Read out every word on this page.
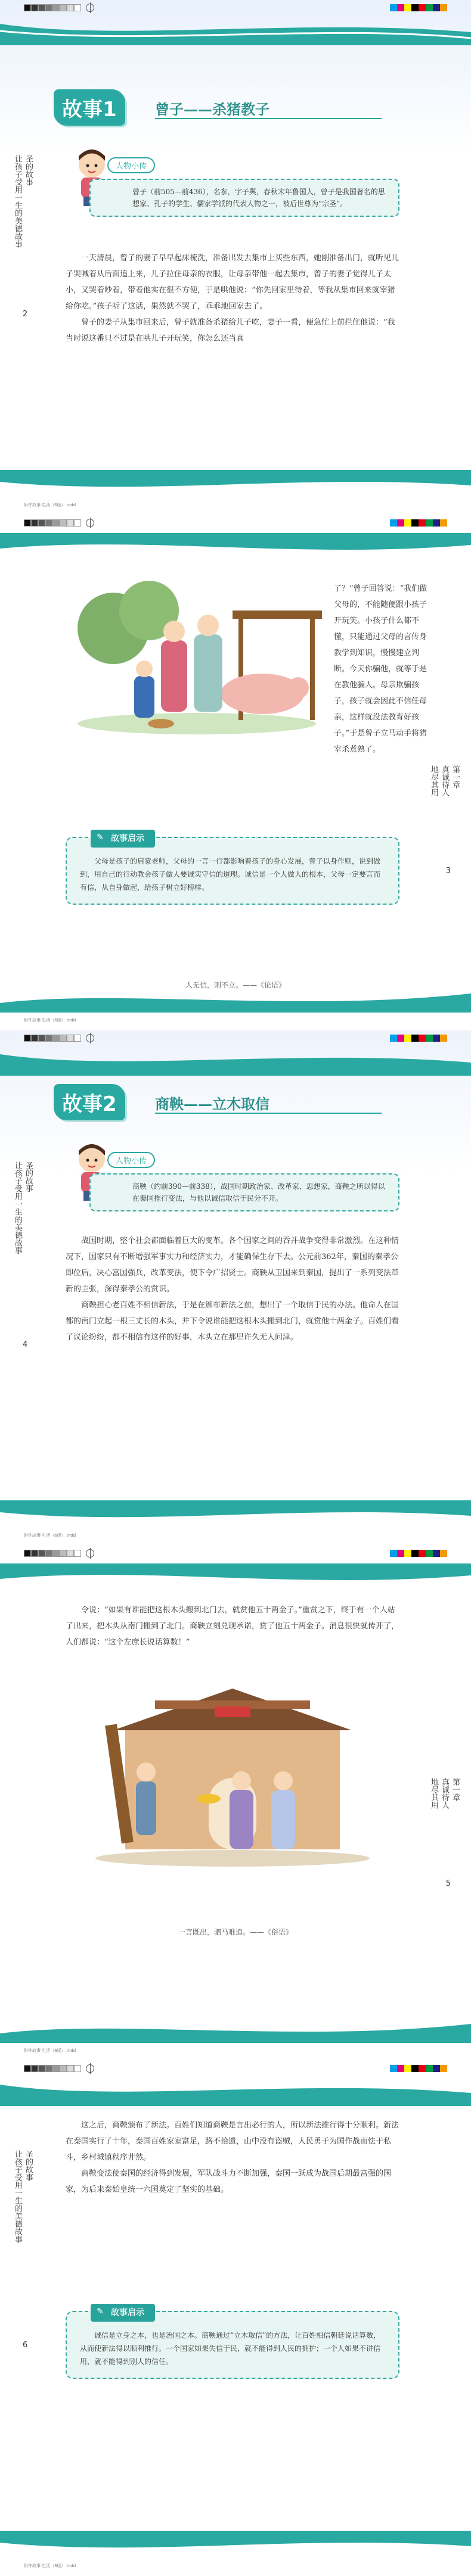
故事1	曾子——杀猪教子
圣的故事
让孩子受用一生的美德故事	人物小传

曾子（前505—前436），名参，字子舆，春秋末年鲁国人，曾子是我国著名的思想家、孔子的学生、儒家学派的代表人物之一，被后世尊为“宗圣”。

一天清晨，曾子的妻子早早起床梳洗，准备出发去集市上买些东西，她刚准备出门，就听见儿子哭喊着从后面追上来，儿子拉住母亲的衣服，让母亲带他一起去集市，曾子的妻子觉得儿子太小，又哭着吵着，带着他实在很不方便，于是哄他说：“你先回家里待着，等我从集市回来就宰猪给你吃。”孩子听了这话，果然就不哭了，乖乖地回家去了。

曾子的妻子从集市回来后，曾子就准备杀猪给儿子吃，妻子一看，便急忙上前拦住他说：“我当时说这番只不过是在哄儿子开玩笑，你怎么还当真

2
附件故事·生活（6版）.indd

了？”曾子回答说：“我们做父母的，不能随便跟小孩子开玩笑。小孩子什么都不懂，只能通过父母的言传身教学到知识，慢慢建立判断。今天你骗他，就等于是在教他骗人。母亲欺骗孩子，孩子就会因此不信任母亲，这样就没法教育好孩子。”于是曾子立马动手将猪宰杀煮熟了。

第一章
真诚待人
地尽其用
3
✎ 故事启示

父母是孩子的启蒙老师，父母的一言一行都影响着孩子的身心发展，曾子以身作则，说到做到，用自己的行动教会孩子做人要诚实守信的道理。诚信是一个人做人的根本，父母一定要言而有信，从自身做起，给孩子树立好榜样。

人无信，则不立。——《论语》
附件故事·生活（6版）.indd
故事2	商鞅——立木取信
圣的故事
让孩子受用一生的美德故事
人物小传

商鞅（约前390—前338），战国时期政治家、改革家、思想家，商鞅之所以得以在秦国推行变法，与他以诚信取信于民分不开。

战国时期，整个社会都面临着巨大的变革。各个国家之间的吞并战争变得非常激烈。在这种情况下，国家只有不断增强军事实力和经济实力，才能确保生存下去。公元前362年，秦国的秦孝公即位后，决心富国强兵，改革变法，便下令广招贤士。商鞅从卫国来到秦国，提出了一系列变法革新的主张，深得秦孝公的赏识。

商鞅担心老百姓不相信新法，于是在颁布新法之前，想出了一个取信于民的办法。他命人在国都的南门立起一根三丈长的木头，并下令说谁能把这根木头搬到北门，就赏他十两金子。百姓们看了议论纷纷，都不相信有这样的好事，木头立在那里许久无人问津。

4
附件故事·生活（6版）.indd

令说：“如果有谁能把这根木头搬到北门去，就赏他五十两金子。”重赏之下，终于有一个人站了出来，把木头从南门搬到了北门。商鞅立刻兑现承诺，赏了他五十两金子。消息很快就传开了，人们都说：“这个左庶长说话算数！”

第一章
真诚待人
地尽其用
5
一言既出，驷马难追。——《俗语》
附件故事·生活（6版）.indd
圣的故事
让孩子受用一生的美德故事

这之后，商鞅颁布了新法。百姓们知道商鞅是言出必行的人，所以新法推行得十分顺利。新法在秦国实行了十年，秦国百姓家家富足，路不拾遗，山中没有盗贼，人民勇于为国作战而怯于私斗，乡村城镇秩序井然。

商鞅变法使秦国的经济得到发展，军队战斗力不断加强，秦国一跃成为战国后期最富强的国家，为后来秦始皇统一六国奠定了坚实的基础。

6
✎ 故事启示

诚信是立身之本，也是治国之本。商鞅通过“立木取信”的方法，让百姓相信朝廷说话算数，从而使新法得以顺利推行。一个国家如果失信于民，就不能得到人民的拥护；一个人如果不讲信用，就不能得到别人的信任。

附件故事·生活（6版）.indd
